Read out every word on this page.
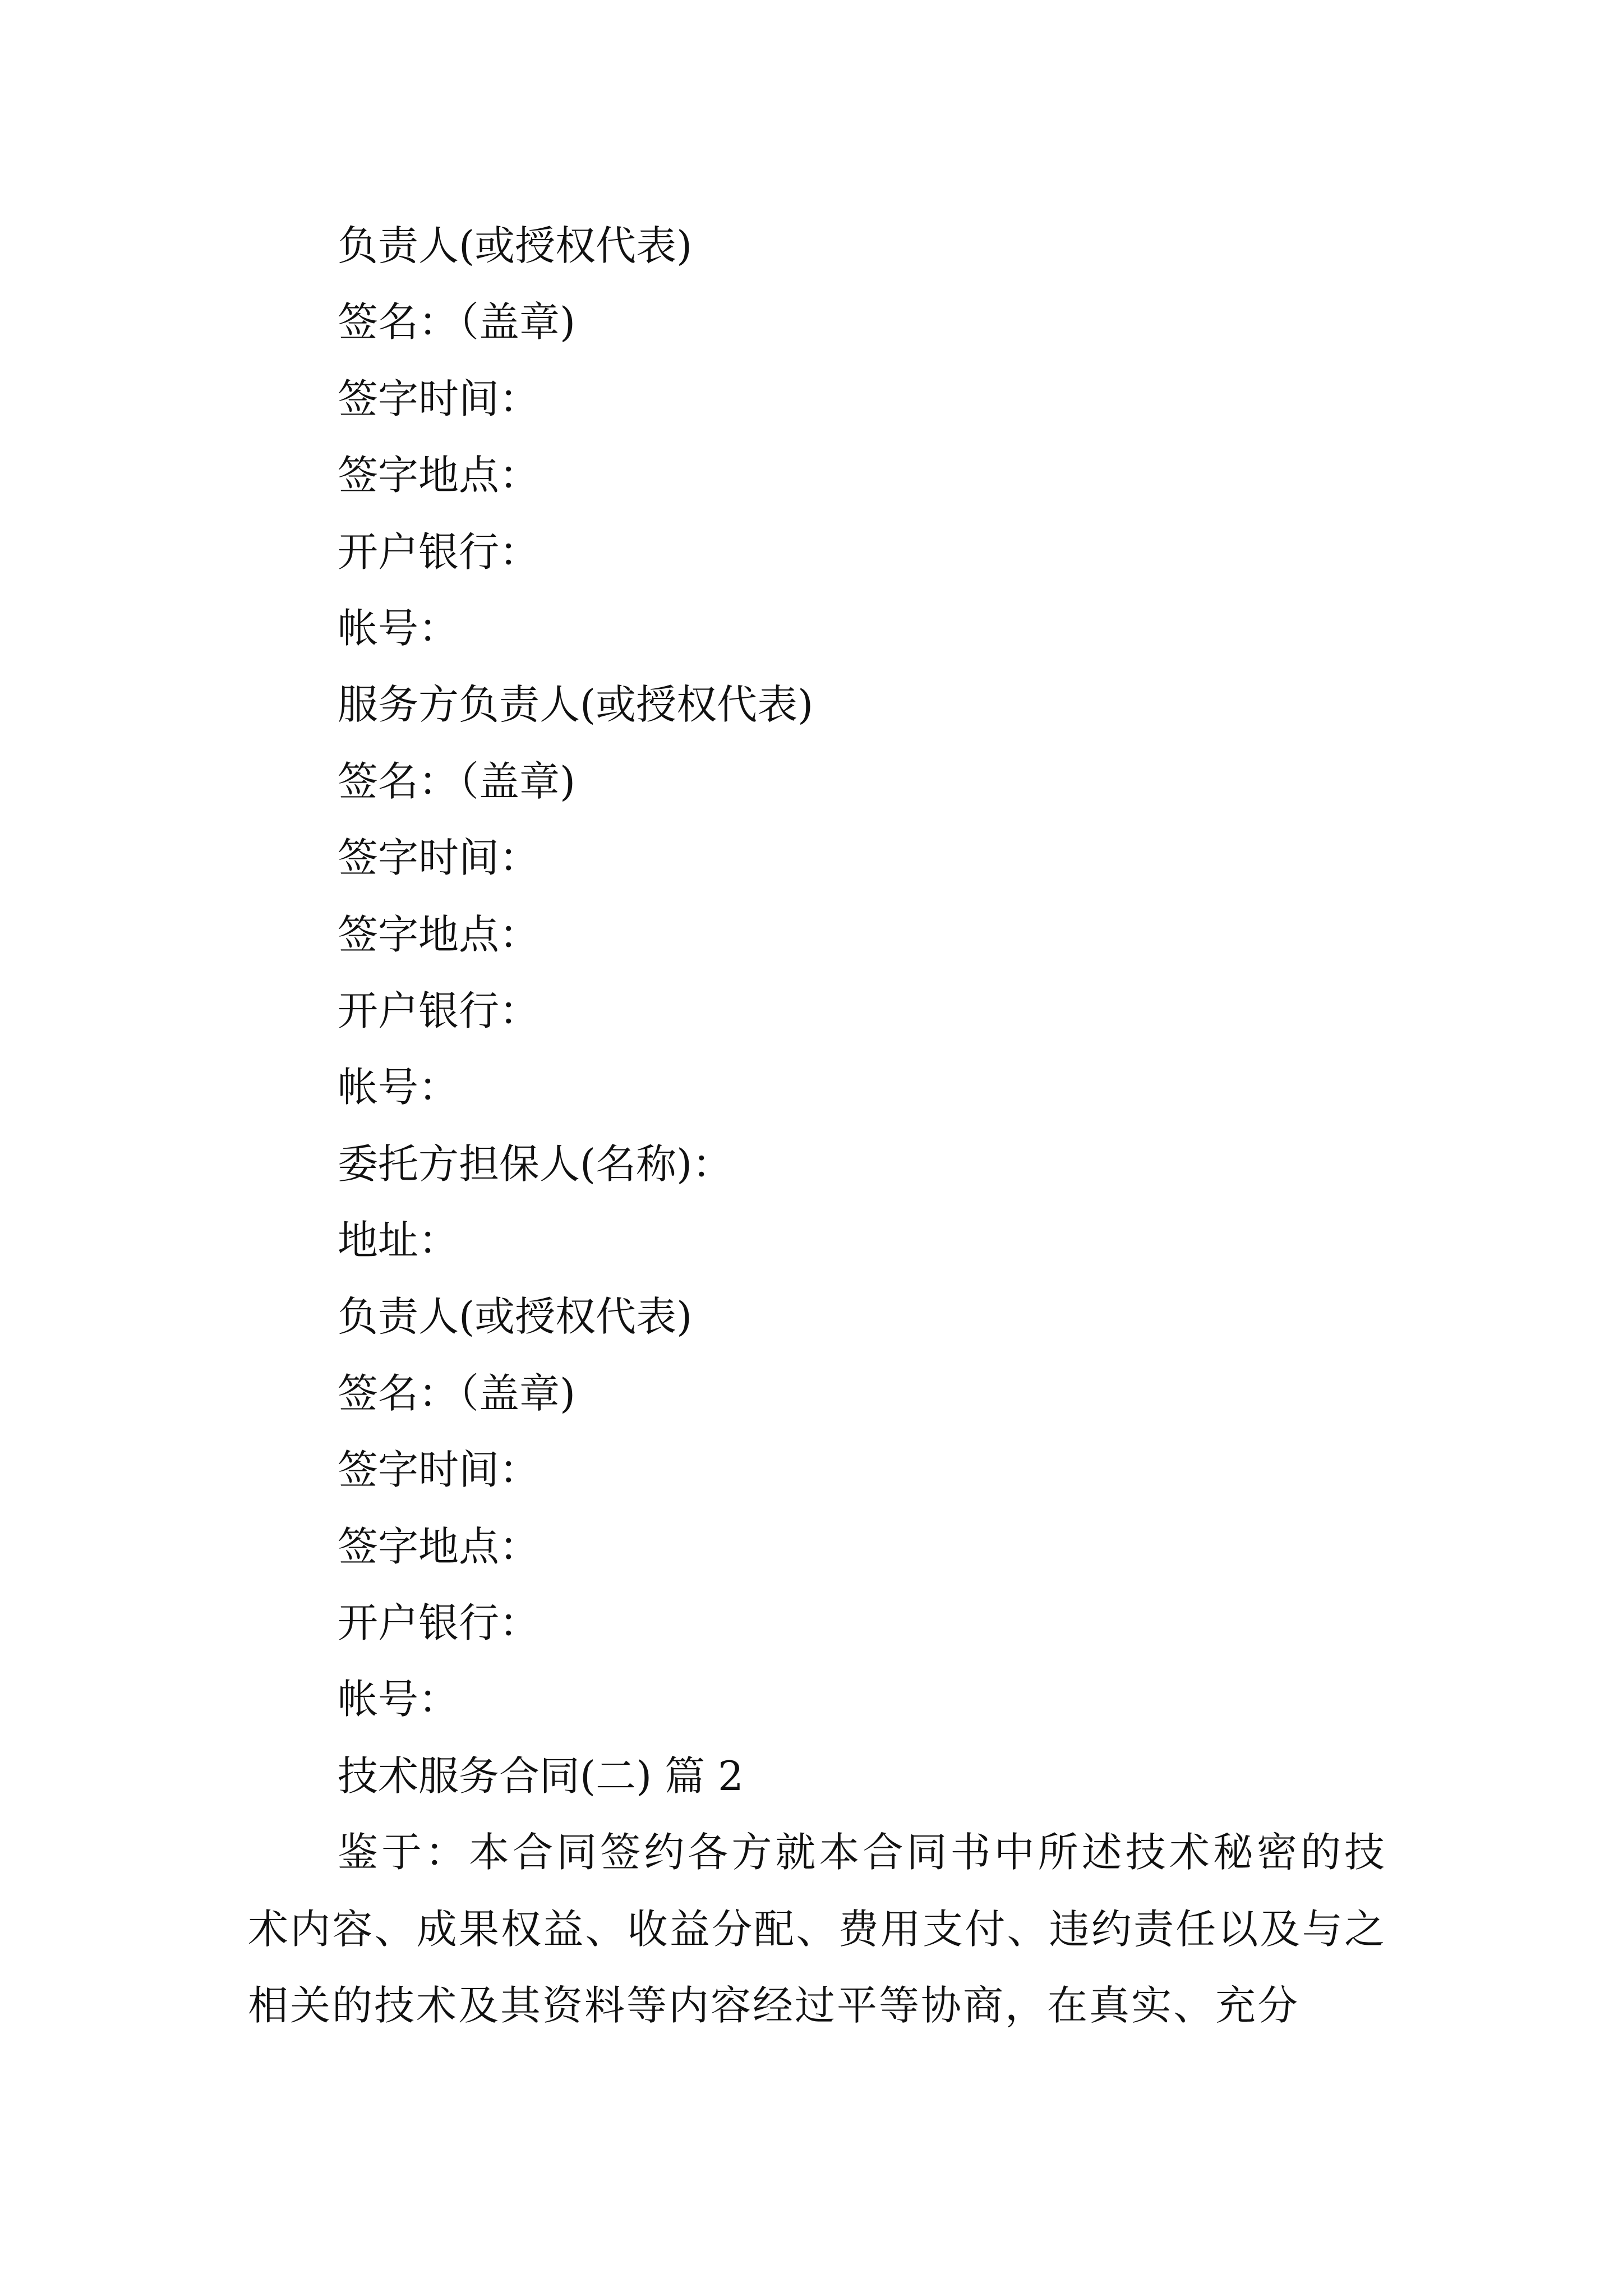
负责人(或授权代表)
签名：（盖章)
签字时间：
签字地点：
开户银行：
帐号：
服务方负责人(或授权代表)
签名：（盖章)
签字时间：
签字地点：
开户银行：
帐号：
委托方担保人(名称)：
地址：
负责人(或授权代表)
签名：（盖章)
签字时间：
签字地点：
开户银行：
帐号：
技术服务合同(二) 篇 2

鉴于：本合同签约各方就本合同书中所述技术秘密的技术内容、成果权益、收益分配、费用支付、违约责任以及与之相关的技术及其资料等内容经过平等协商，在真实、充分
